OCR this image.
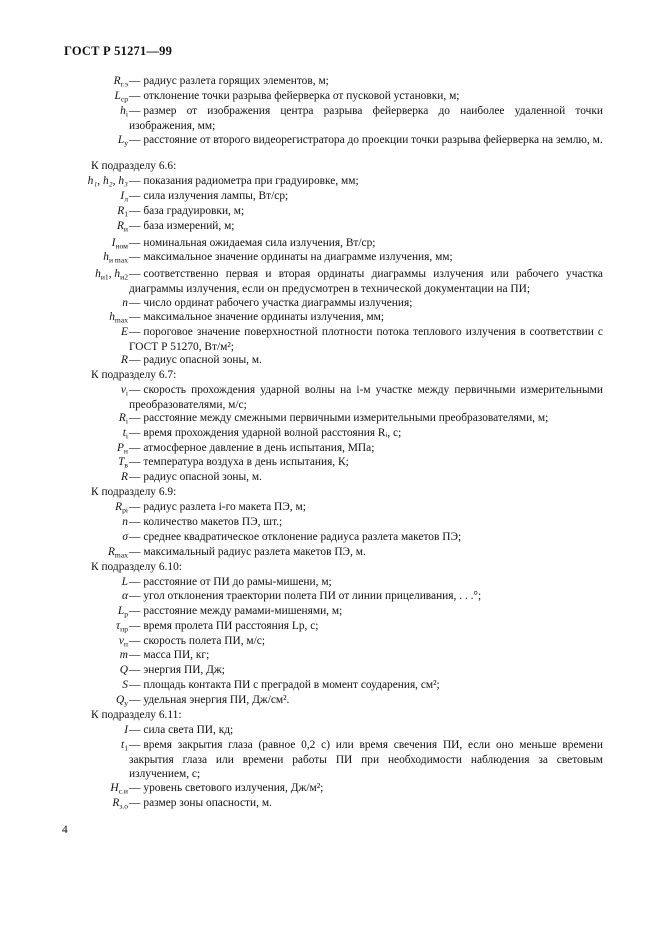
ГОСТ Р 51271—99
$R_{г.э}$ — радиус разлета горящих элементов, м;
$L_{ср}$ — отклонение точки разрыва фейерверка от пусковой установки, м;
$h_i$ — размер от изображения центра разрыва фейерверка до наиболее удаленной точки изображения, мм;
$L_у$ — расстояние от второго видеорегистратора до проекции точки разрыва фейерверка на землю, м.
К подразделу 6.6:
h₁, h₂, h₃ — показания радиометра при градуировке, мм;
$I_л$ — сила излучения лампы, Вт/ср;
$R_1$ — база градуировки, м;
$R_и$ — база измерений, м;
$I_{ном}$ — номинальная ожидаемая сила излучения, Вт/ср;
$h_{и max}$ — максимальное значение ординаты на диаграмме излучения, мм;
$h_{и1}$, $h_{и2}$ — соответственно первая и вторая ординаты диаграммы излучения или рабочего участка диаграммы излучения, если он предусмотрен в технической документации на ПИ;
n — число ординат рабочего участка диаграммы излучения;
$h_{max}$ — максимальное значение ординаты излучения, мм;
E — пороговое значение поверхностной плотности потока теплового излучения в соответствии с ГОСТ Р 51270, Вт/м²;
R — радиус опасной зоны, м.
К подразделу 6.7:
$v_i$ — скорость прохождения ударной волны на i-м участке между первичными измерительными преобразователями, м/с;
$R_i$ — расстояние между смежными первичными измерительными преобразователями, м;
$t_i$ — время прохождения ударной волной расстояния Rᵢ, с;
$P_н$ — атмосферное давление в день испытания, МПа;
$T_в$ — температура воздуха в день испытания, К;
R — радиус опасной зоны, м.
К подразделу 6.9:
$R_{pi}$ — радиус разлета i-го макета ПЭ, м;
n — количество макетов ПЭ, шт.;
σ — среднее квадратическое отклонение радиуса разлета макетов ПЭ;
$R_{max}$ — максимальный радиус разлета макетов ПЭ, м.
К подразделу 6.10:
L — расстояние от ПИ до рамы-мишени, м;
α — угол отклонения траектории полета ПИ от линии прицеливания, . . .°;
$L_р$ — расстояние между рамами-мишенями, м;
$\tau_{пр}$ — время пролета ПИ расстояния Lр, с;
$v_п$ — скорость полета ПИ, м/с;
m — масса ПИ, кг;
Q — энергия ПИ, Дж;
S — площадь контакта ПИ с преградой в момент соударения, см²;
$Q_у$ — удельная энергия ПИ, Дж/см².
К подразделу 6.11:
I — сила света ПИ, кд;
$t_1$ — время закрытия глаза (равное 0,2 с) или время свечения ПИ, если оно меньше времени закрытия глаза или времени работы ПИ при необходимости наблюдения за световым излучением, с;
$H_{с.и}$ — уровень светового излучения, Дж/м²;
$R_{з.о}$ — размер зоны опасности, м.
4
